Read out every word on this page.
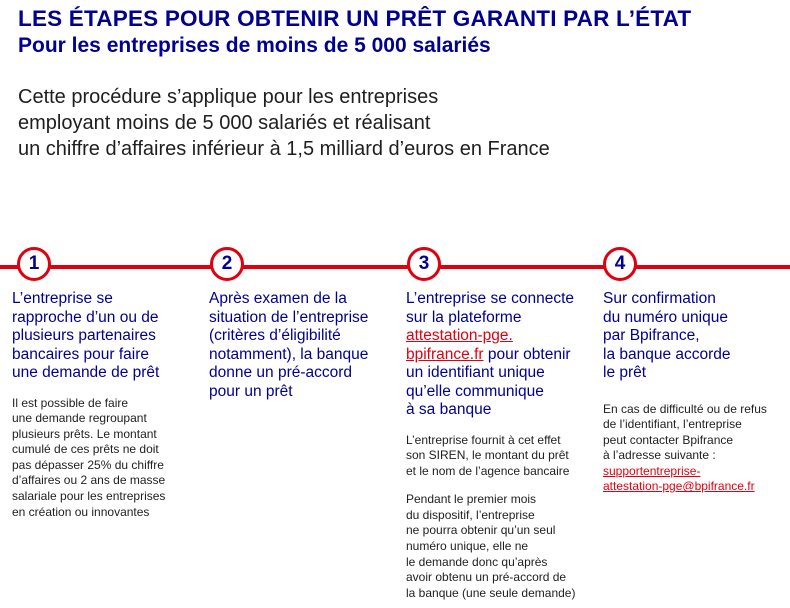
LES ÉTAPES POUR OBTENIR UN PRÊT GARANTI PAR L’ÉTAT
Pour les entreprises de moins de 5 000 salariés
Cette procédure s’applique pour les entreprises
employant moins de 5 000 salariés et réalisant
un chiffre d’affaires inférieur à 1,5 milliard d’euros en France
1	2	3	4
L’entreprise se
rapproche d’un ou de
plusieurs partenaires
bancaires pour faire
une demande de prêt
Il est possible de faire
une demande regroupant
plusieurs prêts. Le montant
cumulé de ces prêts ne doit
pas dépasser 25% du chiffre
d’affaires ou 2 ans de masse
salariale pour les entreprises
en création ou innovantes
Après examen de la
situation de l’entreprise
(critères d’éligibilité
notamment), la banque
donne un pré-accord
pour un prêt
L’entreprise se connecte
sur la plateforme
attestation-pge.
bpifrance.fr pour obtenir
un identifiant unique
qu’elle communique
à sa banque
L’entreprise fournit à cet effet
son SIREN, le montant du prêt
et le nom de l’agence bancaire
Pendant le premier mois
du dispositif, l’entreprise
ne pourra obtenir qu’un seul
numéro unique, elle ne
le demande donc qu’après
avoir obtenu un pré-accord de
la banque (une seule demande)
Sur confirmation
du numéro unique
par Bpifrance,
la banque accorde
le prêt
En cas de difficulté ou de refus
de l’identifiant, l’entreprise
peut contacter Bpifrance
à l’adresse suivante :
supportentreprise-
attestation-pge@bpifrance.fr
